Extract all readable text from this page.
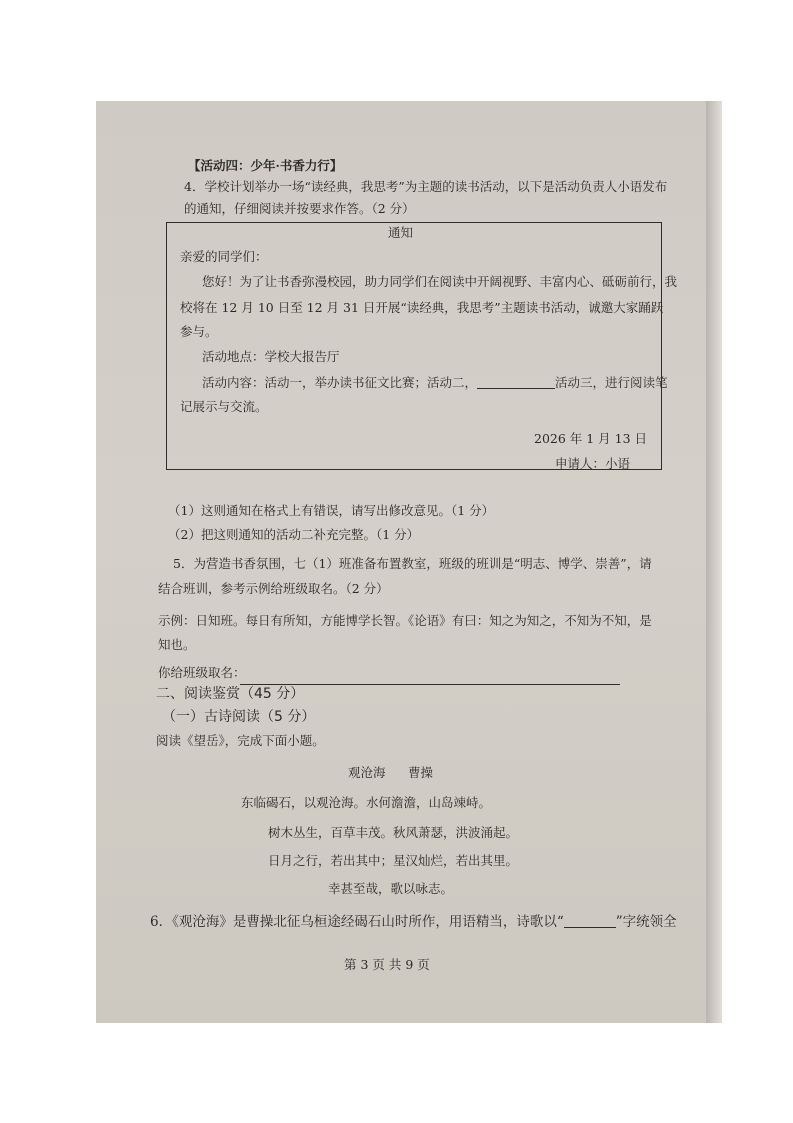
【活动四：少年·书香力行】
4．学校计划举办一场“读经典，我思考”为主题的读书活动，以下是活动负责人小语发布
的通知，仔细阅读并按要求作答。（2 分）
通知
亲爱的同学们：
您好！为了让书香弥漫校园，助力同学们在阅读中开阔视野、丰富内心、砥砺前行，我
校将在 12 月 10 日至 12 月 31 日开展“读经典，我思考”主题读书活动，诚邀大家踊跃
参与。
活动地点：学校大报告厅
活动内容：活动一，举办读书征文比赛；活动二，	活动三，进行阅读笔
记展示与交流。
2026 年 1 月 13 日
申请人：小语
（1）这则通知在格式上有错误，请写出修改意见。（1 分）
（2）把这则通知的活动二补充完整。（1 分）
5．为营造书香氛围，七（1）班准备布置教室，班级的班训是“明志、博学、崇善”，请
结合班训，参考示例给班级取名。（2 分）
示例：日知班。每日有所知，方能博学长智。《论语》有曰：知之为知之，不知为不知，是
知也。
你给班级取名：
二、阅读鉴赏（45 分）
（一）古诗阅读（5 分）
阅读《望岳》，完成下面小题。
观沧海 曹操
东临碣石，以观沧海。水何澹澹，山岛竦峙。
树木丛生，百草丰茂。秋风萧瑟，洪波涌起。
日月之行，若出其中；星汉灿烂，若出其里。
幸甚至哉，歌以咏志。
6．《观沧海》是曹操北征乌桓途经碣石山时所作，用语精当，诗歌以“	”字统领全
第 3 页 共 9 页
